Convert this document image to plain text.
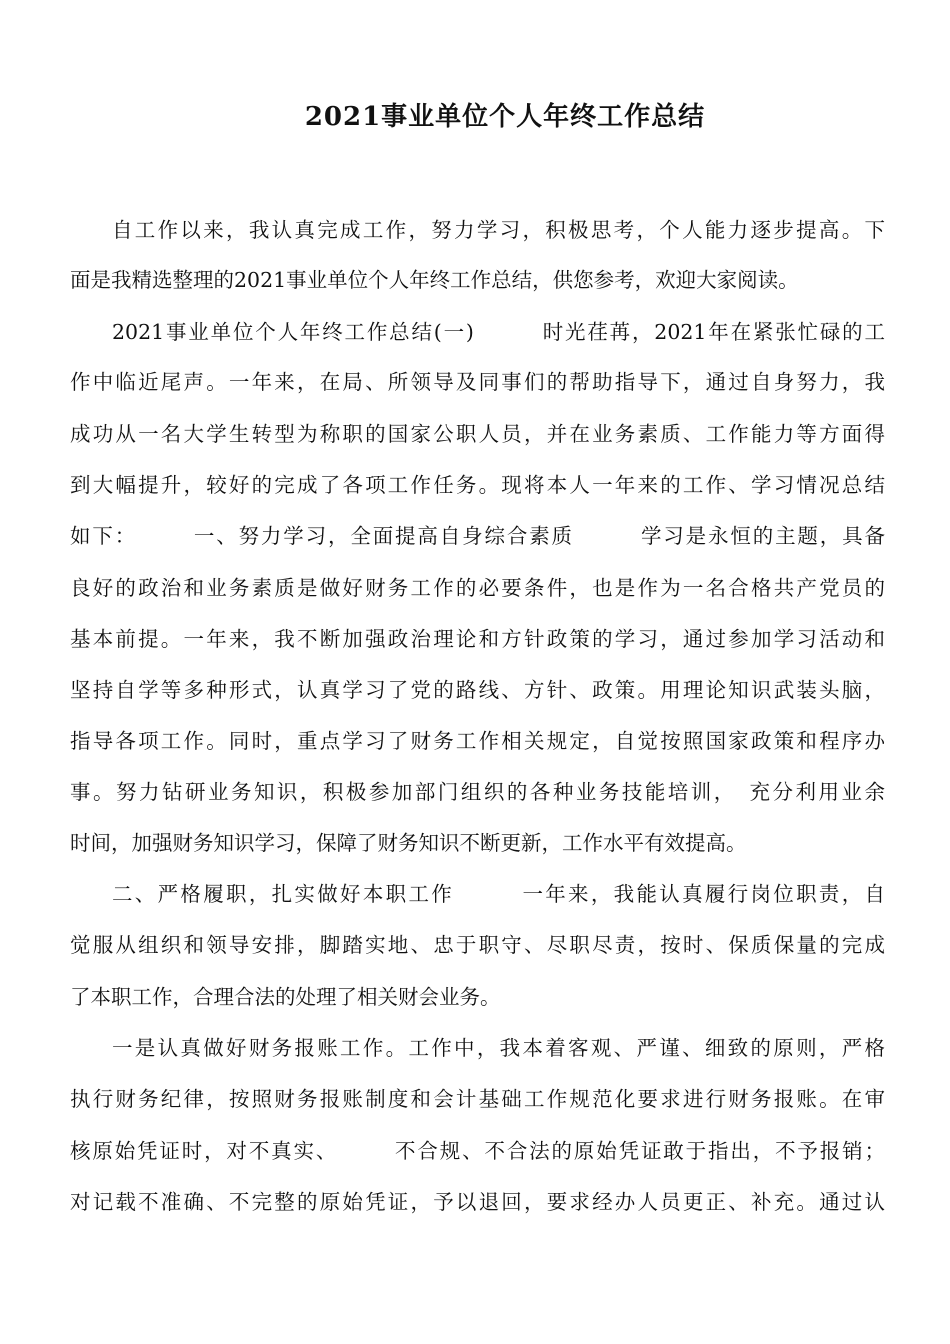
2021事业单位个人年终工作总结
自工作以来，我认真完成工作，努力学习，积极思考，个人能力逐步提高。下
面是我精选整理的2021事业单位个人年终工作总结，供您参考，欢迎大家阅读。
2021事业单位个人年终工作总结(一)　　　时光荏苒，2021年在紧张忙碌的工
作中临近尾声。一年来，在局、所领导及同事们的帮助指导下，通过自身努力，我
成功从一名大学生转型为称职的国家公职人员，并在业务素质、工作能力等方面得
到大幅提升，较好的完成了各项工作任务。现将本人一年来的工作、学习情况总结
如下：　　　一、努力学习，全面提高自身综合素质　　　学习是永恒的主题，具备
良好的政治和业务素质是做好财务工作的必要条件，也是作为一名合格共产党员的
基本前提。一年来，我不断加强政治理论和方针政策的学习，通过参加学习活动和
坚持自学等多种形式，认真学习了党的路线、方针、政策。用理论知识武装头脑，
指导各项工作。同时，重点学习了财务工作相关规定，自觉按照国家政策和程序办
事。努力钻研业务知识，积极参加部门组织的各种业务技能培训，　充分利用业余
时间，加强财务知识学习，保障了财务知识不断更新，工作水平有效提高。
二、严格履职，扎实做好本职工作　　　一年来，我能认真履行岗位职责，自
觉服从组织和领导安排，脚踏实地、忠于职守、尽职尽责，按时、保质保量的完成
了本职工作，合理合法的处理了相关财会业务。
一是认真做好财务报账工作。工作中，我本着客观、严谨、细致的原则，严格
执行财务纪律，按照财务报账制度和会计基础工作规范化要求进行财务报账。在审
核原始凭证时，对不真实、　　　不合规、不合法的原始凭证敢于指出，不予报销；
对记载不准确、不完整的原始凭证，予以退回，要求经办人员更正、补充。通过认
